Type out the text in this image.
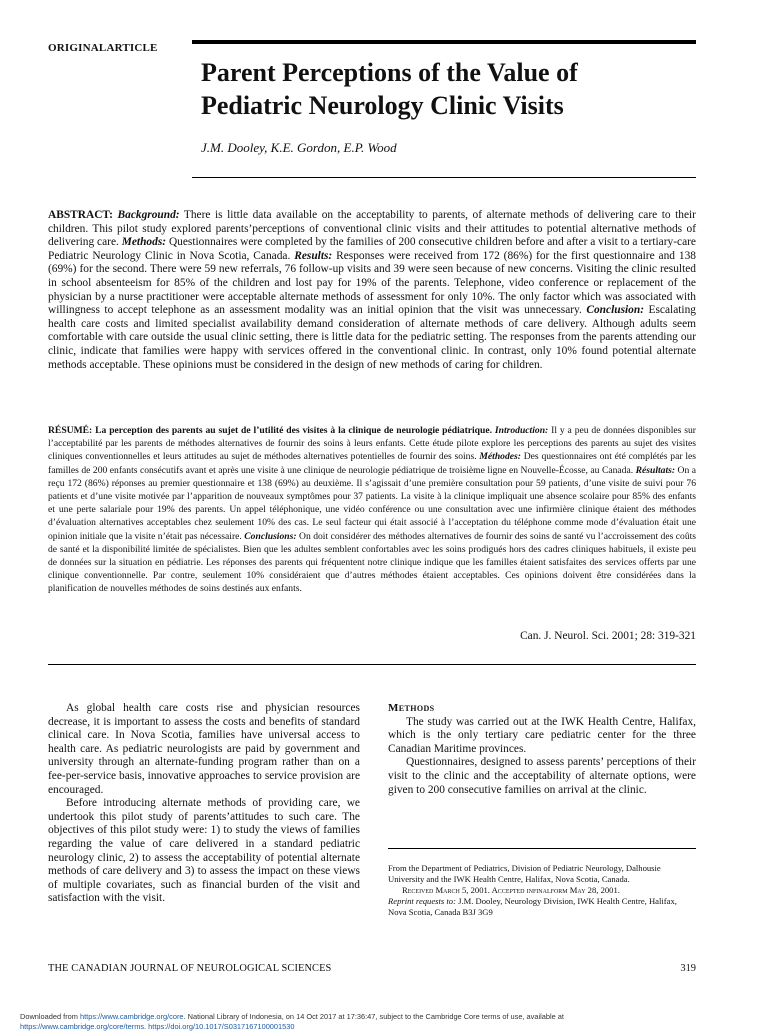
ORIGINALARTICLE
Parent Perceptions of the Value of
Pediatric Neurology Clinic Visits
J.M. Dooley, K.E. Gordon, E.P. Wood

ABSTRACT: Background: There is little data available on the acceptability to parents, of alternate methods of delivering care to their children. This pilot study explored parents’perceptions of conventional clinic visits and their attitudes to potential alternative methods of delivering care. Methods: Questionnaires were completed by the families of 200 consecutive children before and after a visit to a tertiary-care Pediatric Neurology Clinic in Nova Scotia, Canada. Results: Responses were received from 172 (86%) for the first questionnaire and 138 (69%) for the second. There were 59 new referrals, 76 follow-up visits and 39 were seen because of new concerns. Visiting the clinic resulted in school absenteeism for 85% of the children and lost pay for 19% of the parents. Telephone, video conference or replacement of the physician by a nurse practitioner were acceptable alternate methods of assessment for only 10%. The only factor which was associated with willingness to accept telephone as an assessment modality was an initial opinion that the visit was unnecessary. Conclusion: Escalating health care costs and limited specialist availability demand consideration of alternate methods of care delivery. Although adults seem comfortable with care outside the usual clinic setting, there is little data for the pediatric setting. The responses from the parents attending our clinic, indicate that families were happy with services offered in the conventional clinic. In contrast, only 10% found potential alternate methods acceptable. These opinions must be considered in the design of new methods of caring for children.

RÉSUMÉ: La perception des parents au sujet de l’utilité des visites à la clinique de neurologie pédiatrique. Introduction: Il y a peu de données disponibles sur l’acceptabilité par les parents de méthodes alternatives de fournir des soins à leurs enfants. Cette étude pilote explore les perceptions des parents au sujet des visites cliniques conventionnelles et leurs attitudes au sujet de méthodes alternatives potentielles de fournir des soins. Méthodes: Des questionnaires ont été complétés par les familles de 200 enfants consécutifs avant et après une visite à une clinique de neurologie pédiatrique de troisième ligne en Nouvelle-Écosse, au Canada. Résultats: On a reçu 172 (86%) réponses au premier questionnaire et 138 (69%) au deuxième. Il s’agissait d’une première consultation pour 59 patients, d’une visite de suivi pour 76 patients et d’une visite motivée par l’apparition de nouveaux symptômes pour 37 patients. La visite à la clinique impliquait une absence scolaire pour 85% des enfants et une perte salariale pour 19% des parents. Un appel téléphonique, une vidéo conférence ou une consultation avec une infirmière clinique étaient des méthodes d’évaluation alternatives acceptables chez seulement 10% des cas. Le seul facteur qui était associé à l’acceptation du téléphone comme mode d’évaluation était une opinion initiale que la visite n’était pas nécessaire. Conclusions: On doit considérer des méthodes alternatives de fournir des soins de santé vu l’accroissement des coûts de santé et la disponibilité limitée de spécialistes. Bien que les adultes semblent confortables avec les soins prodigués hors des cadres cliniques habituels, il existe peu de données sur la situation en pédiatrie. Les réponses des parents qui fréquentent notre clinique indique que les familles étaient satisfaites des services offerts par une clinique conventionnelle. Par contre, seulement 10% considéraient que d’autres méthodes étaient acceptables. Ces opinions doivent être considérées dans la planification de nouvelles méthodes de soins destinés aux enfants.

Can. J. Neurol. Sci. 2001; 28: 319-321

As global health care costs rise and physician resources decrease, it is important to assess the costs and benefits of standard clinical care. In Nova Scotia, families have universal access to health care. As pediatric neurologists are paid by government and university through an alternate-funding program rather than on a fee-per-service basis, innovative approaches to service provision are encouraged.

Before introducing alternate methods of providing care, we undertook this pilot study of parents’attitudes to such care. The objectives of this pilot study were: 1) to study the views of families regarding the value of care delivered in a standard pediatric neurology clinic, 2) to assess the acceptability of potential alternate methods of care delivery and 3) to assess the impact on these views of multiple covariates, such as financial burden of the visit and satisfaction with the visit.

Methods

The study was carried out at the IWK Health Centre, Halifax, which is the only tertiary care pediatric center for the three Canadian Maritime provinces.

Questionnaires, designed to assess parents’ perceptions of their visit to the clinic and the acceptability of alternate options, were given to 200 consecutive families on arrival at the clinic.

From the Department of Pediatrics, Division of Pediatric Neurology, Dalhousie University and the IWK Health Centre, Halifax, Nova Scotia, Canada.
Received March 5, 2001. Accepted infinalform May 28, 2001.
Reprint requests to: J.M. Dooley, Neurology Division, IWK Health Centre, Halifax, Nova Scotia, Canada B3J 3G9
THE CANADIAN JOURNAL OF NEUROLOGICAL SCIENCES	319
Downloaded from https://www.cambridge.org/core. National Library of Indonesia, on 14 Oct 2017 at 17:36:47, subject to the Cambridge Core terms of use, available at
https://www.cambridge.org/core/terms. https://doi.org/10.1017/S0317167100001530
